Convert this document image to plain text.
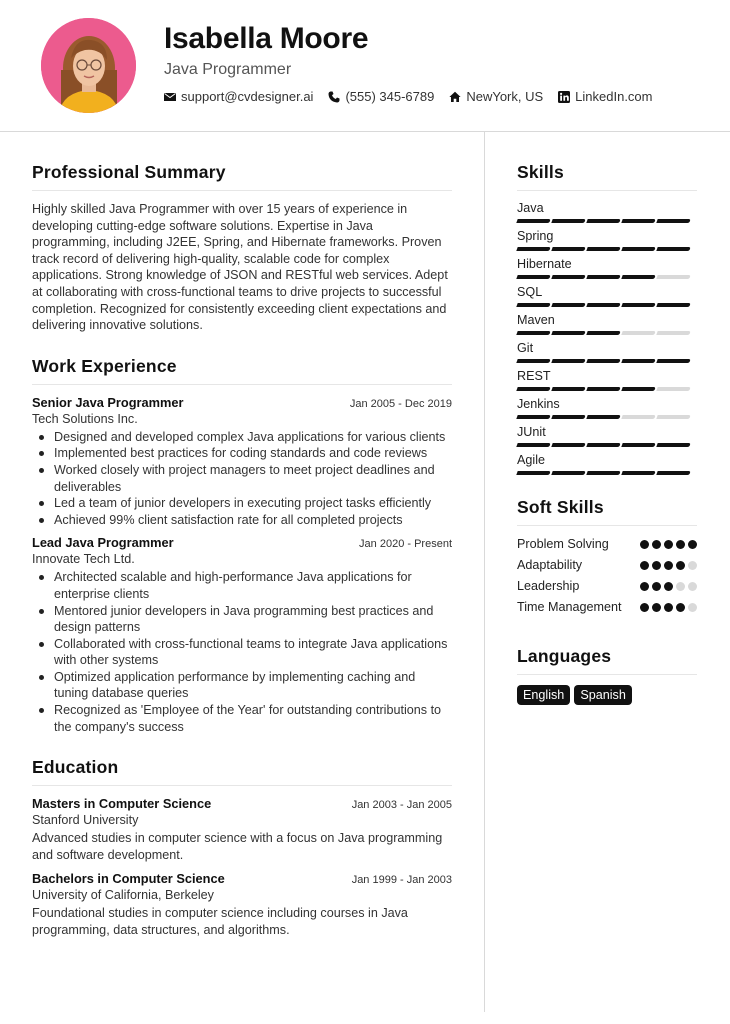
Isabella Moore
Java Programmer
support@cvdesigner.ai (555) 345-6789 NewYork, US LinkedIn.com
Professional Summary
Highly skilled Java Programmer with over 15 years of experience in developing cutting-edge software solutions. Expertise in Java programming, including J2EE, Spring, and Hibernate frameworks. Proven track record of delivering high-quality, scalable code for complex applications. Strong knowledge of JSON and RESTful web services. Adept at collaborating with cross-functional teams to drive projects to successful completion. Recognized for consistently exceeding client expectations and delivering innovative solutions.
Work Experience
Senior Java Programmer	Jan 2005 - Dec 2019
Tech Solutions Inc.
Designed and developed complex Java applications for various clients
Implemented best practices for coding standards and code reviews
Worked closely with project managers to meet project deadlines and deliverables
Led a team of junior developers in executing project tasks efficiently
Achieved 99% client satisfaction rate for all completed projects
Lead Java Programmer	Jan 2020 - Present
Innovate Tech Ltd.
Architected scalable and high-performance Java applications for enterprise clients
Mentored junior developers in Java programming best practices and design patterns
Collaborated with cross-functional teams to integrate Java applications with other systems
Optimized application performance by implementing caching and tuning database queries
Recognized as 'Employee of the Year' for outstanding contributions to the company's success
Education
Masters in Computer Science	Jan 2003 - Jan 2005
Stanford University
Advanced studies in computer science with a focus on Java programming and software development.
Bachelors in Computer Science	Jan 1999 - Jan 2003
University of California, Berkeley
Foundational studies in computer science including courses in Java programming, data structures, and algorithms.
Skills
Java
Spring
Hibernate
SQL
Maven
Git
REST
Jenkins
JUnit
Agile
Soft Skills
Problem Solving
Adaptability
Leadership
Time Management
Languages
English	Spanish
